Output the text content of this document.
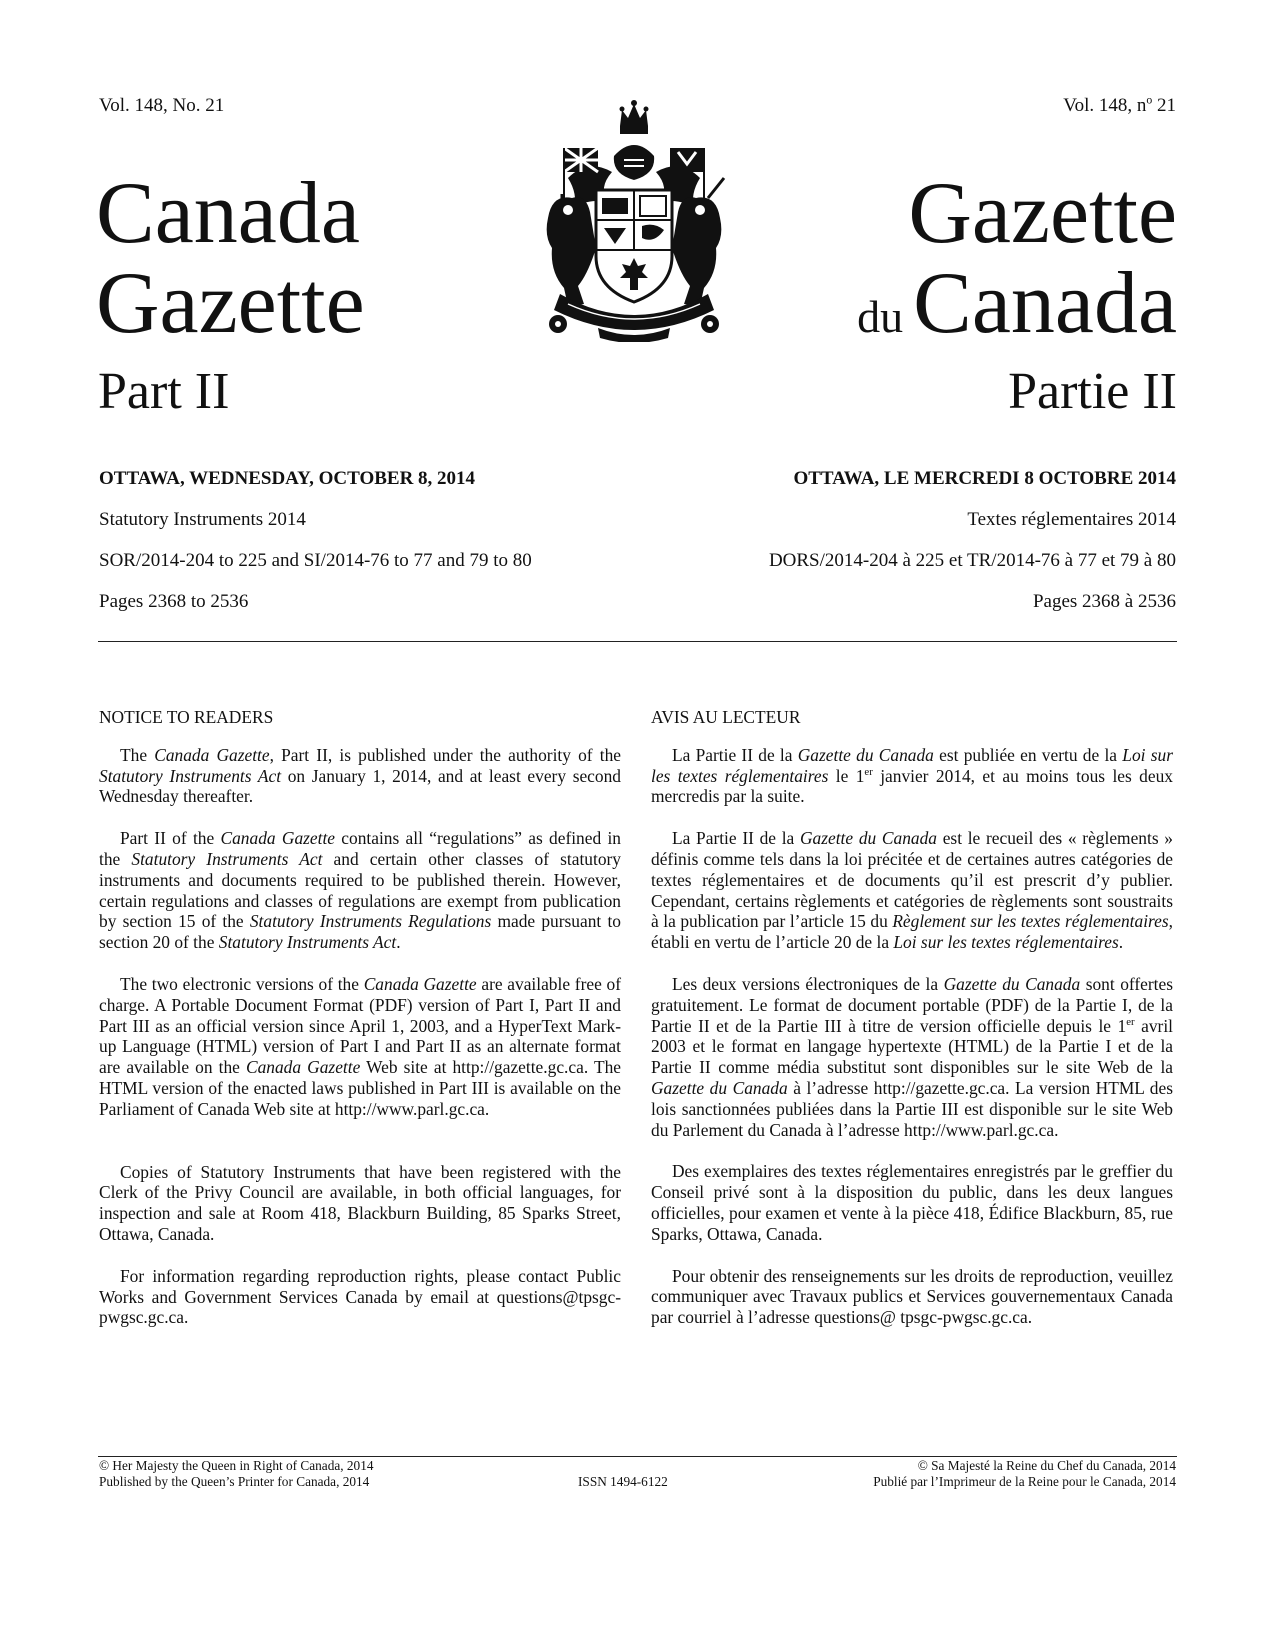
Vol. 148, No. 21	Vol. 148, $n^o$ 21
Canada
Gazette
Part II
Gazette
du Canada
Partie II
OTTAWA, WEDNESDAY, OCTOBER 8, 2014	OTTAWA, LE MERCREDI 8 OCTOBRE 2014
Statutory Instruments 2014	Textes réglementaires 2014
SOR/2014-204 to 225 and SI/2014-76 to 77 and 79 to 80	DORS/2014-204 à 225 et TR/2014-76 à 77 et 79 à 80
Pages 2368 to 2536	Pages 2368 à 2536
NOTICE TO READERS

The Canada Gazette, Part II, is published under the authority of the Statutory Instruments Act on January 1, 2014, and at least every second Wednesday thereafter.

Part II of the Canada Gazette contains all “regulations” as defined in the Statutory Instruments Act and certain other classes of statutory instruments and documents required to be published therein. However, certain regulations and classes of regulations are exempt from publication by section 15 of the Statutory Instruments Regulations made pursuant to section 20 of the Statutory Instruments Act.

The two electronic versions of the Canada Gazette are available free of charge. A Portable Document Format (PDF) version of Part I, Part II and Part III as an official version since April 1, 2003, and a HyperText Mark-up Language (HTML) version of Part I and Part II as an alternate format are available on the Canada Gazette Web site at http://gazette.gc.ca. The HTML version of the enacted laws published in Part III is available on the Parliament of Canada Web site at http://www.parl.gc.ca.

Copies of Statutory Instruments that have been registered with the Clerk of the Privy Council are available, in both official languages, for inspection and sale at Room 418, Blackburn Building, 85 Sparks Street, Ottawa, Canada.

For information regarding reproduction rights, please contact Public Works and Government Services Canada by email at questions@tpsgc-pwgsc.gc.ca.

AVIS AU LECTEUR

La Partie II de la Gazette du Canada est publiée en vertu de la Loi sur les textes réglementaires le 1er janvier 2014, et au moins tous les deux mercredis par la suite.

La Partie II de la Gazette du Canada est le recueil des « règlements » définis comme tels dans la loi précitée et de certaines autres catégories de textes réglementaires et de documents qu’il est prescrit d’y publier. Cependant, certains règlements et catégories de règlements sont soustraits à la publication par l’article 15 du Règlement sur les textes réglementaires, établi en vertu de l’article 20 de la Loi sur les textes réglementaires.

Les deux versions électroniques de la Gazette du Canada sont offertes gratuitement. Le format de document portable (PDF) de la Partie I, de la Partie II et de la Partie III à titre de version officielle depuis le 1er avril 2003 et le format en langage hypertexte (HTML) de la Partie I et de la Partie II comme média substitut sont disponibles sur le site Web de la Gazette du Canada à l’adresse http://gazette.gc.ca. La version HTML des lois sanctionnées publiées dans la Partie III est disponible sur le site Web du Parlement du Canada à l’adresse http://www.parl.gc.ca.

Des exemplaires des textes réglementaires enregistrés par le greffier du Conseil privé sont à la disposition du public, dans les deux langues officielles, pour examen et vente à la pièce 418, Édifice Blackburn, 85, rue Sparks, Ottawa, Canada.

Pour obtenir des renseignements sur les droits de reproduction, veuillez communiquer avec Travaux publics et Services gouvernementaux Canada par courriel à l’adresse questions@ tpsgc-pwgsc.gc.ca.

© Her Majesty the Queen in Right of Canada, 2014
Published by the Queen’s Printer for Canada, 2014	ISSN 1494-6122
© Sa Majesté la Reine du Chef du Canada, 2014
Publié par l’Imprimeur de la Reine pour le Canada, 2014
